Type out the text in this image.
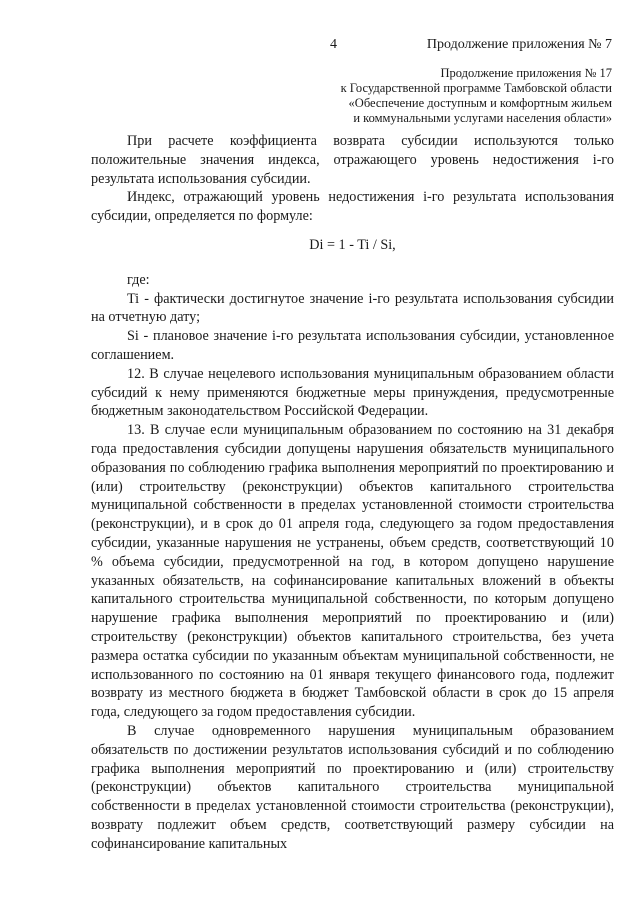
4	Продолжение приложения № 7
Продолжение приложения № 17
к Государственной программе Тамбовской области
«Обеспечение доступным и комфортным жильем
и коммунальными услугами населения области»

При расчете коэффициента возврата субсидии используются только положительные значения индекса, отражающего уровень недостижения i-го результата использования субсидии.

Индекс, отражающий уровень недостижения i-го результата использования субсидии, определяется по формуле:

Di = 1 - Ti / Si,

где:

Ti - фактически достигнутое значение i-го результата использования субсидии на отчетную дату;

Si - плановое значение i-го результата использования субсидии, установленное соглашением.

12. В случае нецелевого использования муниципальным образованием области субсидий к нему применяются бюджетные меры принуждения, предусмотренные бюджетным законодательством Российской Федерации.

13. В случае если муниципальным образованием по состоянию на 31 декабря года предоставления субсидии допущены нарушения обязательств муниципального образования по соблюдению графика выполнения мероприятий по проектированию и (или) строительству (реконструкции) объектов капитального строительства муниципальной собственности в пределах установленной стоимости строительства (реконструкции), и в срок до 01 апреля года, следующего за годом предоставления субсидии, указанные нарушения не устранены, объем средств, соответствующий 10 % объема субсидии, предусмотренной на год, в котором допущено нарушение указанных обязательств, на софинансирование капитальных вложений в объекты капитального строительства муниципальной собственности, по которым допущено нарушение графика выполнения мероприятий по проектированию и (или) строительству (реконструкции) объектов капитального строительства, без учета размера остатка субсидии по указанным объектам муниципальной собственности, не использованного по состоянию на 01 января текущего финансового года, подлежит возврату из местного бюджета в бюджет Тамбовской области в срок до 15 апреля года, следующего за годом предоставления субсидии.

В случае одновременного нарушения муниципальным образованием обязательств по достижении результатов использования субсидий и по соблюдению графика выполнения мероприятий по проектированию и (или) строительству (реконструкции) объектов капитального строительства муниципальной собственности в пределах установленной стоимости строительства (реконструкции), возврату подлежит объем средств, соответствующий размеру субсидии на софинансирование капитальных
